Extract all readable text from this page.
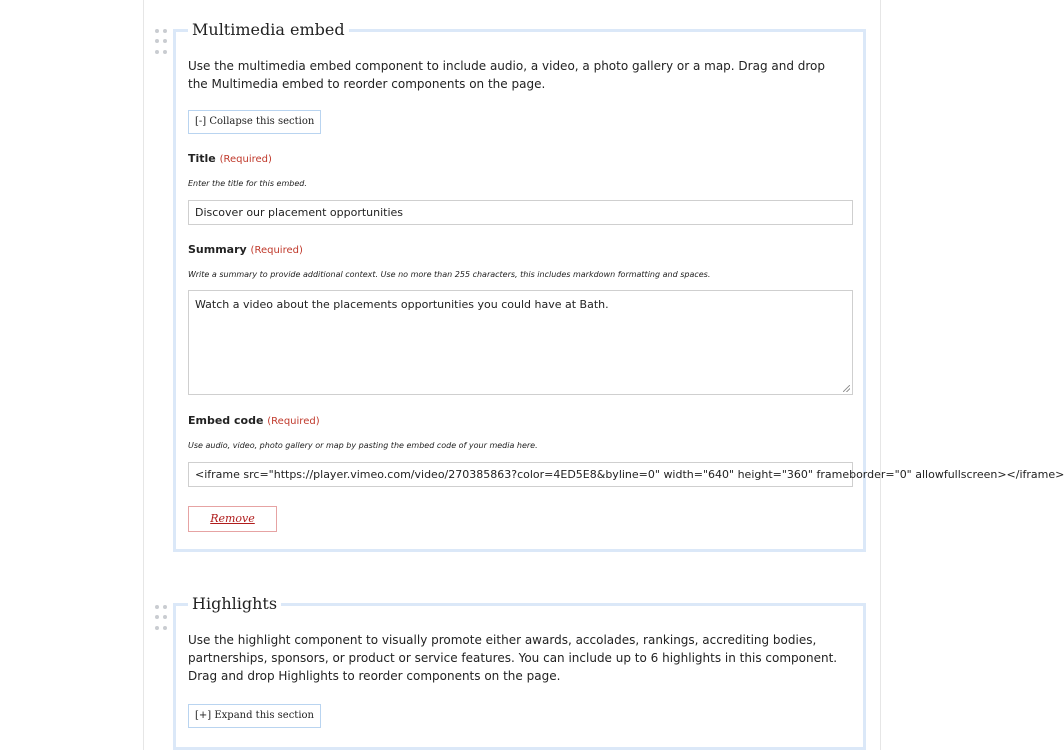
Multimedia embed
Use the multimedia embed component to include audio, a video, a photo gallery or a map. Drag and drop the Multimedia embed to reorder components on the page.
[-] Collapse this section
Title (Required)
Enter the title for this embed.
Discover our placement opportunities
Summary (Required)
Write a summary to provide additional context. Use no more than 255 characters, this includes markdown formatting and spaces.
Watch a video about the placements opportunities you could have at Bath.
Embed code (Required)
Use audio, video, photo gallery or map by pasting the embed code of your media here.
<iframe src="https://player.vimeo.com/video/270385863?color=4ED5E8&byline=0" width="640" height="360" frameborder="0" allowfullscreen></iframe>
Remove
Highlights
Use the highlight component to visually promote either awards, accolades, rankings, accrediting bodies, partnerships, sponsors, or product or service features. You can include up to 6 highlights in this component. Drag and drop Highlights to reorder components on the page.
[+] Expand this section
